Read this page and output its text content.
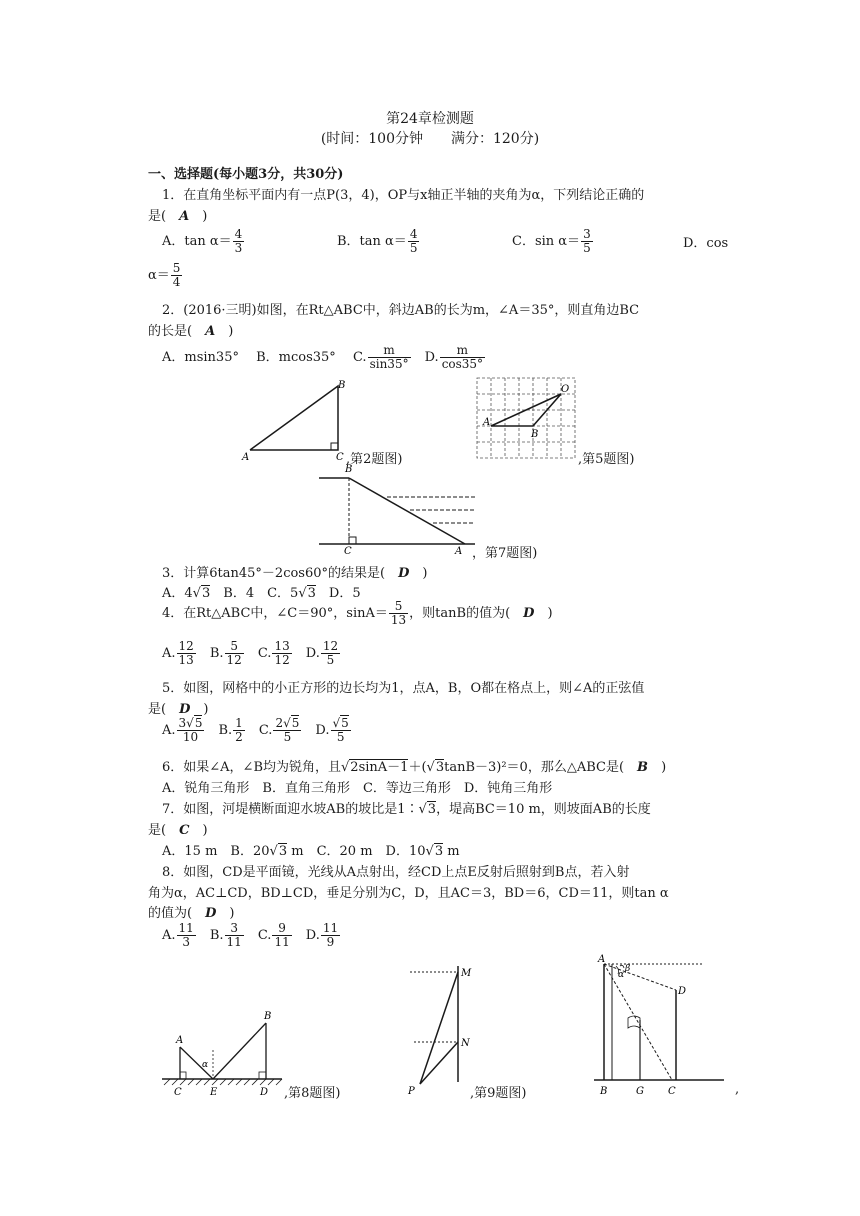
第24章检测题
(时间：100分钟　　满分：120分)
一、选择题(每小题3分，共30分)
1．在直角坐标平面内有一点P(3，4)，OP与x轴正半轴的夹角为α，下列结论正确的
是(　 A　 )
A．$\tan \alpha= \frac{4}{3}$	B．$\tan \alpha= \frac{4}{5}$	C．$\sin \alpha= \frac{3}{5}$	D．cos
$\alpha= \frac{5}{4}$
2．(2016·三明)如图，在Rt△ABC中，斜边AB的长为m，∠A＝35°，则直角边BC
的长是(　 A　 )
A．msin35°　 B．mcos35°　 C. $\frac{m}{\sin 35^\circ}$
　 D. $\frac{m}{\cos 35^\circ}$
A
B
C ,第2题图)
A
B
O
,第5题图)
B
C	A ，第7题图)
3．计算6tan45°－2cos60°的结果是(　 D　 )
A．4√3　 B．4　 C．5√3　 D．5
4．在Rt△ABC中，∠C＝90°，$\sin A= \frac{5}{13}$ ，则tanB的值为(　 D　 )
A. $\frac{12}{13}$
　 B. $\frac{5}{12}$
　 C. $\frac{13}{12}$
　 D. $\frac{12}{5}$
5．如图，网格中的小正方形的边长均为1，点A，B，O都在格点上，则∠A的正弦值
是(　 D　 )
A. $\frac{3√5}{10}$
　 B. $\frac{1}{2}$
　 C. $\frac{2√5}{5}$
　 D. $\frac{√5}{5}$
6．如果∠A，∠B均为锐角，且√2sinA－1＋(√3tanB－3)²＝0，那么△ABC是(　 B　 )
A．锐角三角形　B．直角三角形　C．等边三角形　D．钝角三角形
7．如图，河堤横断面迎水坡AB的坡比是1∶√3，堤高BC＝10 m，则坡面AB的长度
是(　 C　 )
A．15 m　 B．20√3 m　 C．20 m　 D．10√3 m
8．如图，CD是平面镜，光线从A点射出，经CD上点E反射后照射到B点，若入射
角为α，AC⊥CD，BD⊥CD，垂足分别为C，D，且AC＝3，BD＝6，CD＝11，则tan α
的值为(　 D　 )
A. $\frac{11}{3}$
　 B. $\frac{3}{11}$
　 C. $\frac{9}{11}$
　 D. $\frac{11}{9}$
A
B
C	E	D
α
,第8题图)
M
N
P	,第9题图)
A
α
β
D
B	G C	,
